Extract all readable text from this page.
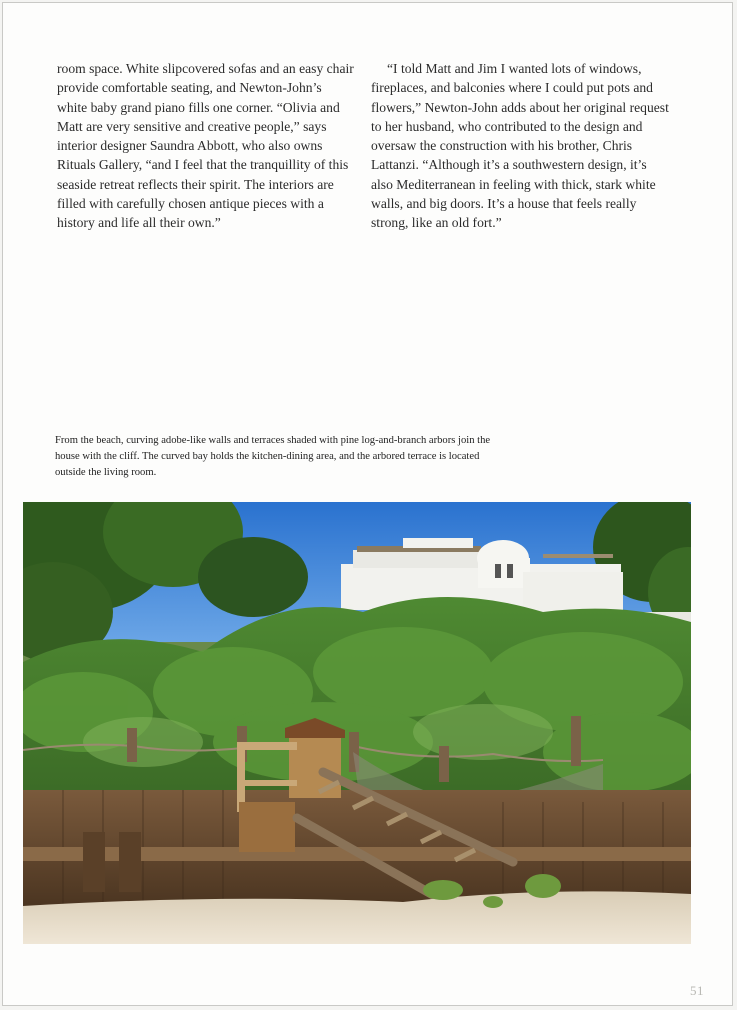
room space. White slipcovered sofas and an easy chair provide comfortable seating, and Newton-John’s white baby grand piano fills one corner. “Olivia and Matt are very sensitive and creative people,” says interior designer Saundra Abbott, who also owns Rituals Gallery, “and I feel that the tranquillity of this seaside retreat reflects their spirit. The interiors are filled with carefully chosen antique pieces with a history and life all their own.”

“I told Matt and Jim I wanted lots of windows, fireplaces, and balconies where I could put pots and flowers,” Newton-John adds about her original request to her husband, who contributed to the design and oversaw the construction with his brother, Chris Lattanzi. “Although it’s a southwestern design, it’s also Mediterranean in feeling with thick, stark white walls, and big doors. It’s a house that feels really strong, like an old fort.”

From the beach, curving adobe-like walls and terraces shaded with pine log-and-branch arbors join the house with the cliff. The curved bay holds the kitchen-dining area, and the arbored terrace is located outside the living room.
51
